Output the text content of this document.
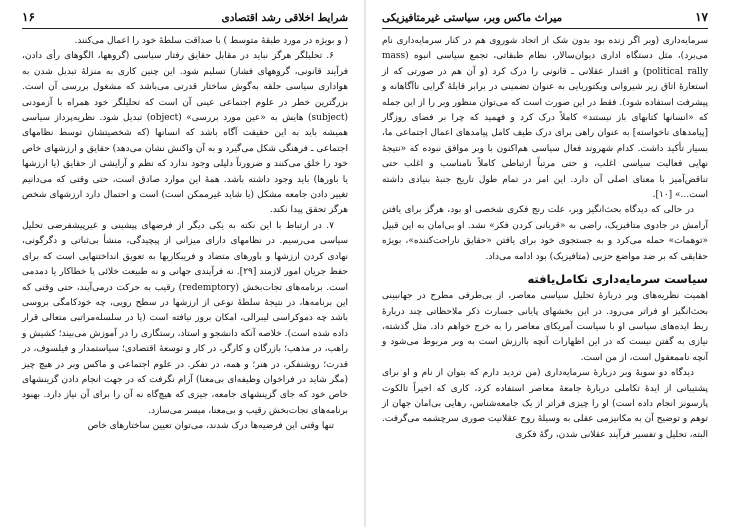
شرایط اخلاقی رشد اقتصادی
۱۶

( و بویژه در مورد طبقهٔ متوسط ) با صداقت سلطهٔ خود را اعمال می‌کنند.

۶. تحلیلگر هرگز نباید در مقابل حقایق رفتار سیاسی (گروهها، الگوهای رأی دادن، فرآیند قانونی، گروههای فشار) تسلیم شود. این چنین کاری به منزلهٔ تبدیل شدن به هواداری سیاسی حلقه به‌گوش ساختار قدرتی می‌باشد که مشغول بررسی آن است. بزرگترین خطر در علوم اجتماعی عینی آن است که تحلیلگر خود همراه با آزمودنی (subject) هایش به «عین مورد بررسی» (object) تبدیل شود. نظریه‌پرداز سیاسی همیشه باید به این حقیقت آگاه باشد که انسانها (که شخصیتشان توسط نظامهای اجتماعی ـ فرهنگی شکل می‌گیرد و به آن واکنش نشان می‌دهد) حقایق و ارزشهای خاص خود را خلق می‌کنند و ضرورتاً دلیلی وجود ندارد که نظم و آرایشی از حقایق (یا ارزشها یا باورها) باید وجود داشته باشد. همهٔ این موارد صادق است، حتی وقتی که می‌دانیم تغییر دادن جامعه مشکل (یا شاید غیرممکن است) است و احتمال دارد ارزشهای شخص هرگز تحقق پیدا نکند.

۷. در ارتباط با این نکته به یکی دیگر از فرضهای پیشینی و غیرپیشفرضی تحلیل سیاسی می‌رسیم. در نظامهای دارای میزانی از پیچیدگی، منشأ بی‌ثباتی و دگرگونی، نهادی کردن ارزشها و باورهای متضاد و فریبکاریها به تعویق انداختنهایی است که برای حفظ جریان امور لازمند [۲۹]. نه فرآیندی جهانی و نه طبیعت خلائی یا خطاکار یا دمدمی است. برنامه‌های تجات‌بخش (redemptory) رقیب به حرکت درمی‌آیند، حتی وقتی که این برنامه‌ها، در نتیجهٔ سلطهٔ نوعی از ارزشها در سطح رویی، چه خودکامگی بروسی باشد چه دموکراسی لیبرالی، امکان بروز نیافته است (یا در سلسله‌مراتبی متعالی قرار داده شده است). خلاصه آنکه دانشجو و استاد، رستگاری را در آموزش می‌بیند؛ کشیش و راهب، در مذهب؛ بازرگان و کارگر، در کار و توسعهٔ اقتصادی؛ سیاستمدار و فیلسوف، در قدرت؛ روشنفکر، در هنر؛ و همه، در تفکر. در علوم اجتماعی و ماکس وبر در هیچ چیز (مگر شاید در فراخوان وظیفه‌ای بی‌معنا) آرام نگرفت که در جهت انجام دادن گزینشهای خاص خود که جای گزینشهای جامعه، جیزی که هیچ‌گاه نه آن را برای آن نیاز دارد. بهبود برنامه‌های نجات‌بخش رقیب و بی‌معنا، میسر می‌سازد.

تنها وقتی این فرضیه‌ها درک شدند، می‌توان تعیین ساختارهای خاص

۱۷
میراث ماکس وبر، سیاستی غیرمتافیزیکی

سرمایه‌داری (وبر اگر زنده بود بدون شک از اتحاد شوروی هم در کنار سرمایه‌داری نام می‌برد)، مثل دستگاه اداری دیوان‌سالار، نظام طبقاتی، تجمع سیاسی انبوه (mass political rally) و اقتدار عقلانی ـ قانونی را درک کرد (و آن هم در صورتی که از استعارهٔ اتاق زیر شیروانی ویکتوریایی به عنوان تضمینی در برابر قابلهٔ گرایی ناآگاهانه و پیشرفت استفاده شود). فقط در این صورت است که می‌توان منظور وبر را از این جمله که «انسانها کتابهای باز نیستند» کاملاً درک کرد و فهمید که چرا بر فضای روزگار [پیامدهای ناخواسته] به عنوان راهی برای درک طیف کامل پیامدهای اعمال اجتماعی ما، بسیار تأکید داشت. کدام شهروند فعال سیاسی هم‌اکنون با وبر موافق نبوده که «نتیجهٔ نهایی فعالیت سیاسی اغلب، و حتی مرتباً ارتباطی کاملاً نامناسب و اغلب حتی تناقض‌آمیز با معنای اصلی آن دارد. این امر در تمام طول تاریخ جنبهٔ بنیادی داشته است...» [۱۰].

در حالی که دیدگاه بحث‌انگیز وبر، علت رنج فکری شخصی او بود، هرگز برای یافتن آرامش در جادوی متافیزیک، راضی به «قربانی کردن فکر» نشد. او بی‌امان به این قبیل «توهمات» حمله می‌کرد و به جستجوی خود برای یافتن «حقایق ناراحت‌کننده»، بویژه حقایقی که بر ضد مواضع حزبی (متافیزیک) بود ادامه می‌داد.

سیاست سرمایه‌داری تکامل‌یافته

اهمیت نظریه‌های وبر دربارهٔ تحلیل سیاسی معاصر، از بی‌طرفی مطرح در جهانبینی بحث‌انگیز او فراتر می‌رود. در این بخشهای پایانی جسارت ذکر ملاحظاتی چند دربارهٔ ربط ایده‌های سیاسی او با سیاست آمریکای معاصر را به خرج خواهم داد. مثل گذشته، نیازی به گفتن نیست که در این اظهارات آنچه باارزش است به وبر مربوط می‌شود و آنچه ناممعقول است، از من است.

دیدگاه دو سویهٔ وبر دربارهٔ سرمایه‌داری (من تردید دارم که بتوان از نام و او برای پشتیبانی از ایدهٔ تکاملی دربارهٔ جامعهٔ معاصر استفاده کرد، کاری که اخیراً تالکوت پارسونز انجام داده است) او را چیزی فراتر از یک جامعه‌شناس، رهایی بی‌امان جهان از توهم و توضیح آن به مکانیزمی عقلی به وسیلهٔ روح عقلانیت صوری سرچشمه می‌گرفت. البته، تحلیل و تفسیر فرآیند عقلانی شدن، رگهٔ فکری
